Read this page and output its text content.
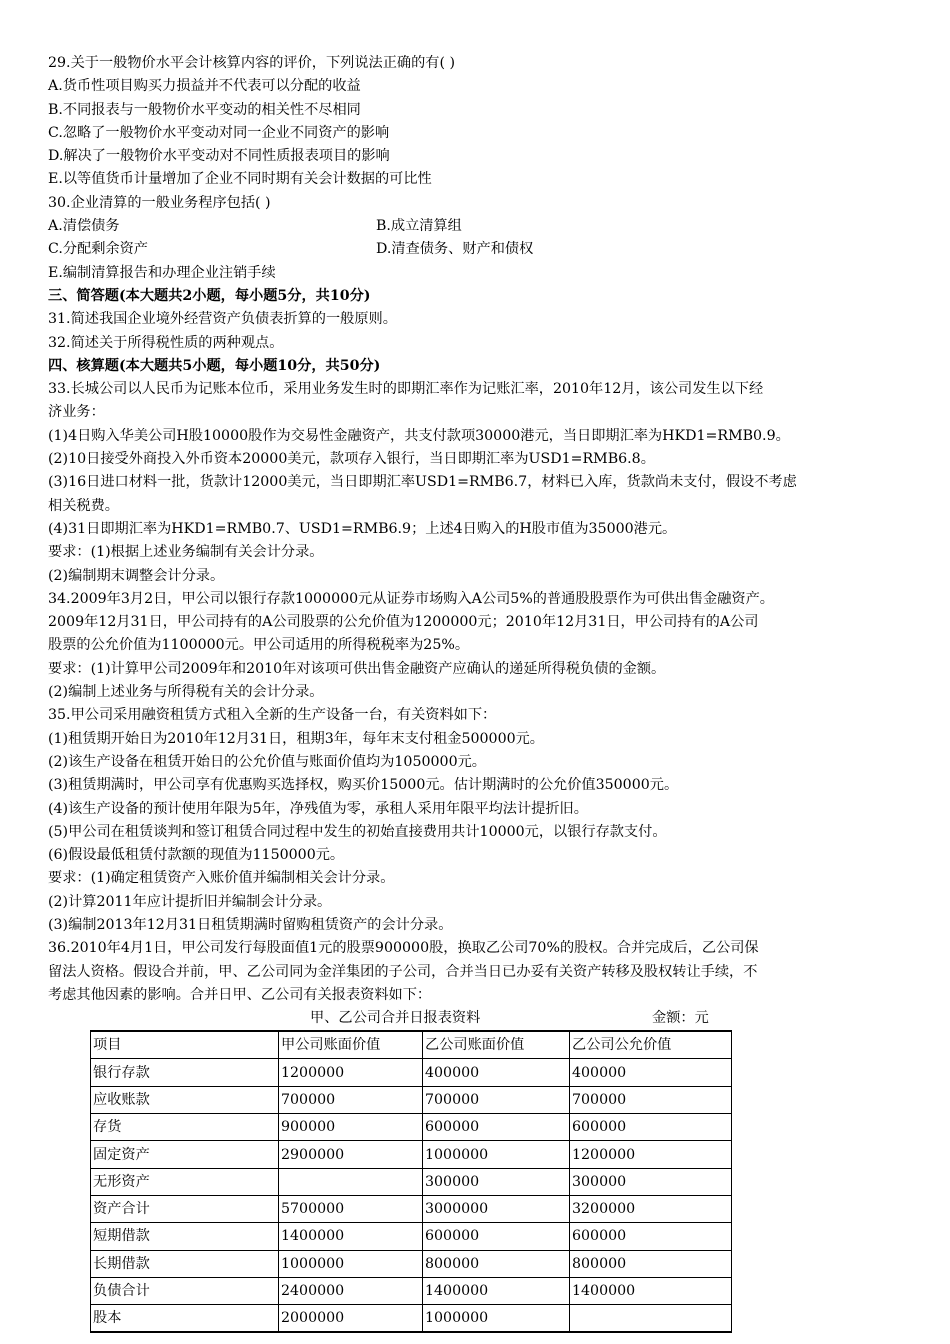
29.关于一般物价水平会计核算内容的评价，下列说法正确的有( )
A.货币性项目购买力损益并不代表可以分配的收益
B.不同报表与一般物价水平变动的相关性不尽相同
C.忽略了一般物价水平变动对同一企业不同资产的影响
D.解决了一般物价水平变动对不同性质报表项目的影响
E.以等值货币计量增加了企业不同时期有关会计数据的可比性
30.企业清算的一般业务程序包括( )
A.清偿债务	B.成立清算组
C.分配剩余资产	D.清查债务、财产和债权
E.编制清算报告和办理企业注销手续
三、简答题(本大题共2小题，每小题5分，共10分)
31.简述我国企业境外经营资产负债表折算的一般原则。
32.简述关于所得税性质的两种观点。
四、核算题(本大题共5小题，每小题10分，共50分)
33.长城公司以人民币为记账本位币，采用业务发生时的即期汇率作为记账汇率，2010年12月，该公司发生以下经
济业务：
(1)4日购入华美公司H股10000股作为交易性金融资产，共支付款项30000港元，当日即期汇率为HKD1=RMB0.9。
(2)10日接受外商投入外币资本20000美元，款项存入银行，当日即期汇率为USD1=RMB6.8。
(3)16日进口材料一批，货款计12000美元，当日即期汇率USD1=RMB6.7，材料已入库，货款尚未支付，假设不考虑
相关税费。
(4)31日即期汇率为HKD1=RMB0.7、USD1=RMB6.9；上述4日购入的H股市值为35000港元。
要求：(1)根据上述业务编制有关会计分录。
(2)编制期末调整会计分录。
34.2009年3月2日，甲公司以银行存款1000000元从证券市场购入A公司5%的普通股股票作为可供出售金融资产。
2009年12月31日，甲公司持有的A公司股票的公允价值为1200000元；2010年12月31日，甲公司持有的A公司
股票的公允价值为1100000元。甲公司适用的所得税税率为25%。
要求：(1)计算甲公司2009年和2010年对该项可供出售金融资产应确认的递延所得税负债的金额。
(2)编制上述业务与所得税有关的会计分录。
35.甲公司采用融资租赁方式租入全新的生产设备一台，有关资料如下：
(1)租赁期开始日为2010年12月31日，租期3年，每年末支付租金500000元。
(2)该生产设备在租赁开始日的公允价值与账面价值均为1050000元。
(3)租赁期满时，甲公司享有优惠购买选择权，购买价15000元。估计期满时的公允价值350000元。
(4)该生产设备的预计使用年限为5年，净残值为零，承租人采用年限平均法计提折旧。
(5)甲公司在租赁谈判和签订租赁合同过程中发生的初始直接费用共计10000元，以银行存款支付。
(6)假设最低租赁付款额的现值为1150000元。
要求：(1)确定租赁资产入账价值并编制相关会计分录。
(2)计算2011年应计提折旧并编制会计分录。
(3)编制2013年12月31日租赁期满时留购租赁资产的会计分录。
36.2010年4月1日，甲公司发行每股面值1元的股票900000股，换取乙公司70%的股权。合并完成后，乙公司保
留法人资格。假设合并前，甲、乙公司同为金洋集团的子公司，合并当日已办妥有关资产转移及股权转让手续，不
考虑其他因素的影响。合并日甲、乙公司有关报表资料如下：
甲、乙公司合并日报表资料	金额：元
项目	甲公司账面价值	乙公司账面价值	乙公司公允价值
银行存款	1200000	400000	400000
应收账款	700000	700000	700000
存货	900000	600000	600000
固定资产	2900000	1000000	1200000
无形资产		300000	300000
资产合计	5700000	3000000	3200000
短期借款	1400000	600000	600000
长期借款	1000000	800000	800000
负债合计	2400000	1400000	1400000
股本	2000000	1000000	
